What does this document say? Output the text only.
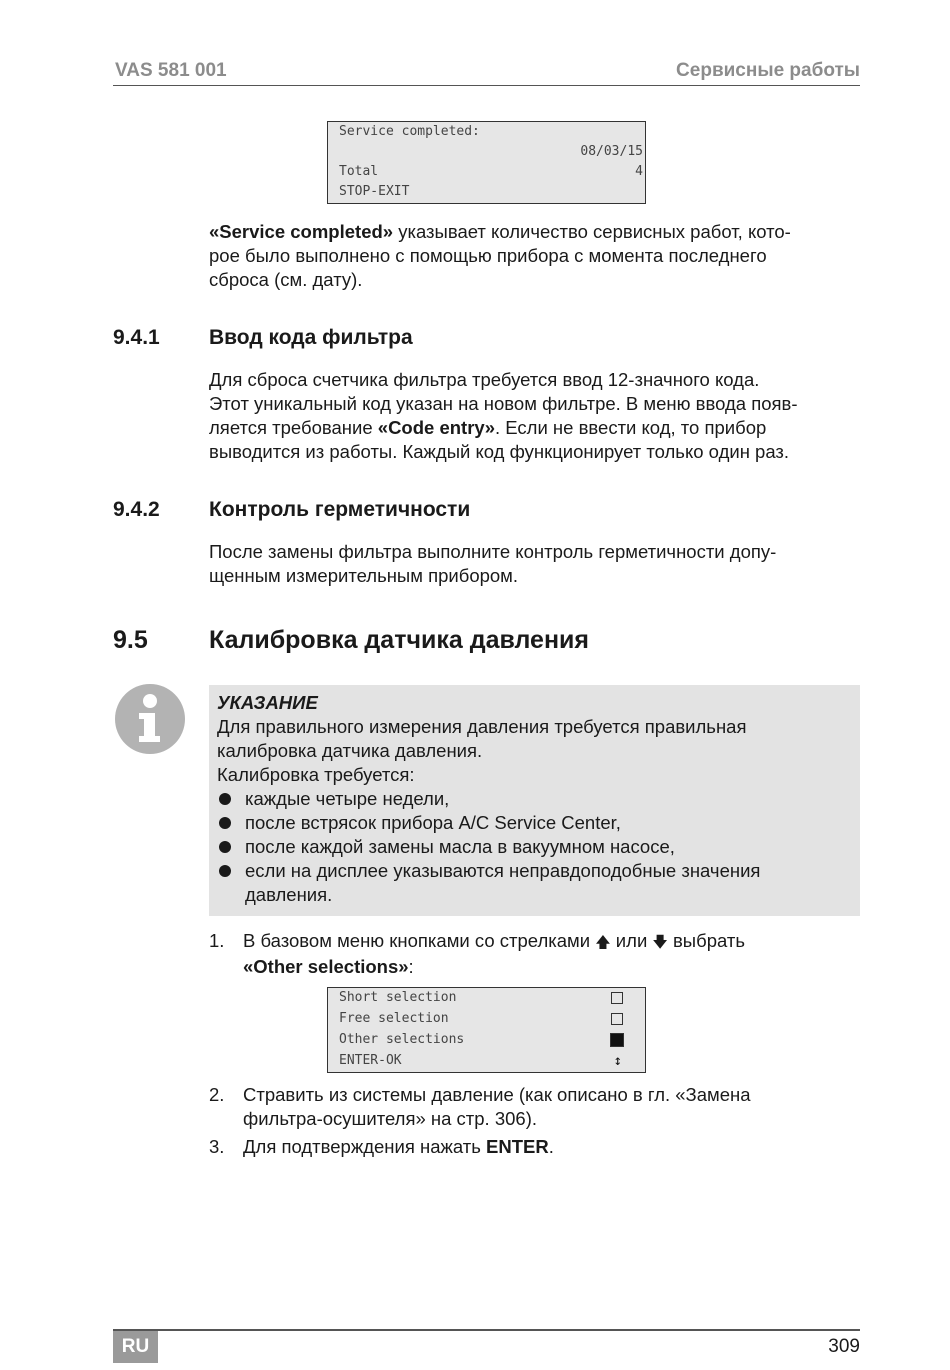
VAS 581 001	Сервисные работы
Service completed:
08/03/15
Total	4
STOP-EXIT
«Service completed» указывает количество сервисных работ, кото-
рое было выполнено с помощью прибора с момента последнего
сброса (см. дату).
9.4.1 Ввод кода фильтра
Для сброса счетчика фильтра требуется ввод 12-значного кода.
Этот уникальный код указан на новом фильтре. В меню ввода появ-
ляется требование «Code entry». Если не ввести код, то прибор
выводится из работы. Каждый код функционирует только один раз.
9.4.2 Контроль герметичности
После замены фильтра выполните контроль герметичности допу-
щенным измерительным прибором.
9.5 Калибровка датчика давления
УКАЗАНИЕ
Для правильного измерения давления требуется правильная
калибровка датчика давления.
Калибровка требуется:
каждые четыре недели,
после встрясок прибора A/C Service Center,
после каждой замены масла в вакуумном насосе,
если на дисплее указываются неправдоподобные значения
давления.
1. В базовом меню кнопками со стрелками 🡅 или 🡇 выбрать
«Other selections»:
Short selection
Free selection
Other selections
ENTER-OK	↕
2. Стравить из системы давление (как описано в гл. «Замена
фильтра-осушителя» на стр. 306).
3. Для подтверждения нажать ENTER.
RU	309
